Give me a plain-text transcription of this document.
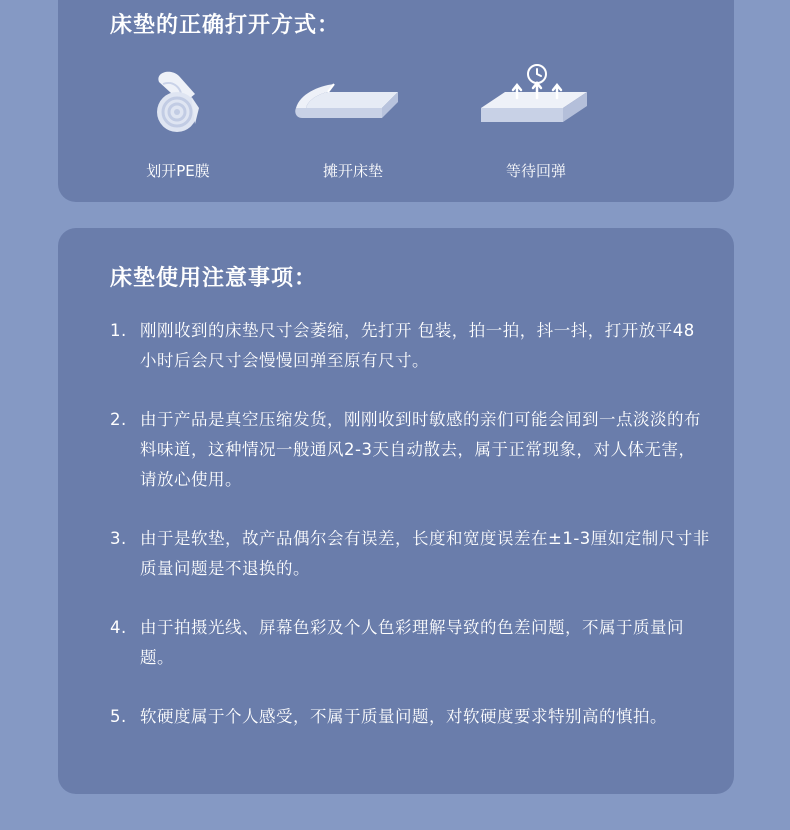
床垫的正确打开方式：
划开PE膜	摊开床垫	等待回弹
床垫使用注意事项：
1. 刚刚收到的床垫尺寸会萎缩，先打开 包装，拍一拍，抖一抖，打开放平48小时后会尺寸会慢慢回弹至原有尺寸。
2. 由于产品是真空压缩发货，刚刚收到时敏感的亲们可能会闻到一点淡淡的布料味道，这种情况一般通风2-3天自动散去，属于正常现象，对人体无害，请放心使用。
3. 由于是软垫，故产品偶尔会有误差，长度和宽度误差在±1-3厘如定制尺寸非质量问题是不退换的。
4. 由于拍摄光线、屏幕色彩及个人色彩理解导致的色差问题，不属于质量问题。
5. 软硬度属于个人感受，不属于质量问题，对软硬度要求特别高的慎拍。
